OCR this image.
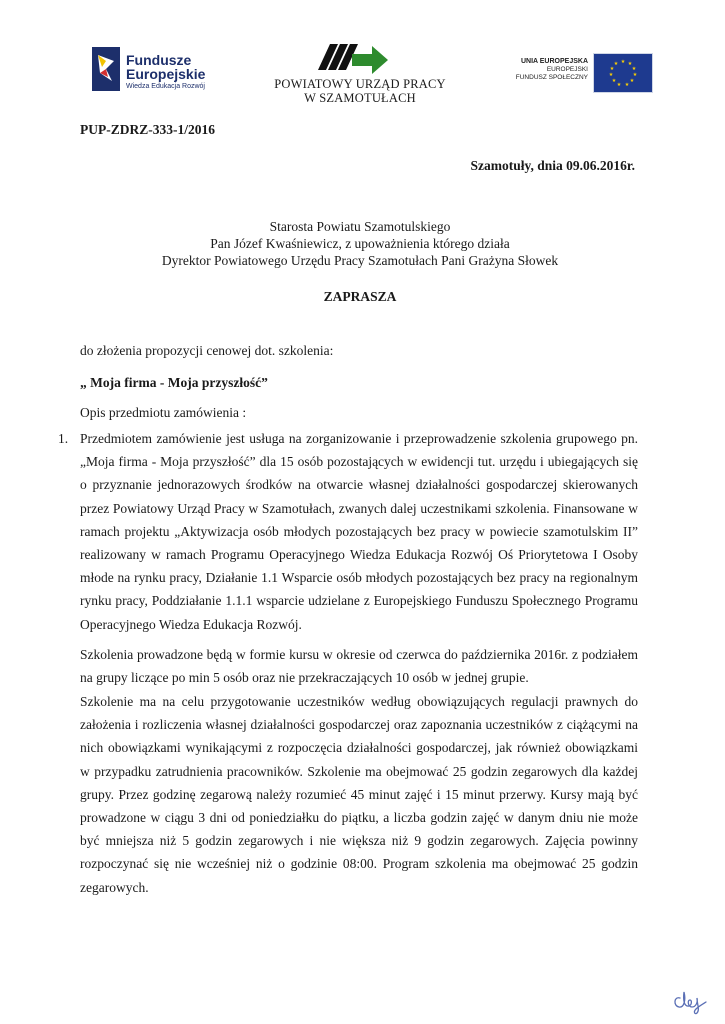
Fundusze
Europejskie
Wiedza Edukacja Rozwój	POWIATOWY URZĄD PRACY
W SZAMOTUŁACH
UNIA EUROPEJSKA
EUROPEJSKI
FUNDUSZ SPOŁECZNY
★ ★
★
★
★
★
★
★
★
★
★
PUP-ZDRZ-333-1/2016
Szamotuły, dnia 09.06.2016r.
Starosta Powiatu Szamotulskiego
Pan Józef Kwaśniewicz, z upoważnienia którego działa
Dyrektor Powiatowego Urzędu Pracy Szamotułach Pani Grażyna Słowek
ZAPRASZA
do złożenia propozycji cenowej dot. szkolenia:
„ Moja firma - Moja przyszłość”
Opis przedmiotu zamówienia :
1. Przedmiotem zamówienie jest usługa na zorganizowanie i przeprowadzenie szkolenia grupowego pn. „Moja firma - Moja przyszłość” dla 15 osób pozostających w ewidencji tut. urzędu i ubiegających się o przyznanie jednorazowych środków na otwarcie własnej działalności gospodarczej skierowanych przez Powiatowy Urząd Pracy w Szamotułach, zwanych dalej uczestnikami szkolenia. Finansowane w ramach projektu „Aktywizacja osób młodych pozostających bez pracy w powiecie szamotulskim II” realizowany w ramach Programu Operacyjnego Wiedza Edukacja Rozwój Oś Priorytetowa I Osoby młode na rynku pracy, Działanie 1.1 Wsparcie osób młodych pozostających bez pracy na regionalnym rynku pracy, Poddziałanie 1.1.1 wsparcie udzielane z Europejskiego Funduszu Społecznego Programu Operacyjnego Wiedza Edukacja Rozwój.
Szkolenia prowadzone będą w formie kursu w okresie od czerwca do października 2016r. z podziałem na grupy liczące po min 5 osób oraz nie przekraczających 10 osób w jednej grupie.
Szkolenie ma na celu przygotowanie uczestników według obowiązujących regulacji prawnych do założenia i rozliczenia własnej działalności gospodarczej oraz zapoznania uczestników z ciążącymi na nich obowiązkami wynikającymi z rozpoczęcia działalności gospodarczej, jak również obowiązkami w przypadku zatrudnienia pracowników. Szkolenie ma obejmować 25 godzin zegarowych dla każdej grupy. Przez godzinę zegarową należy rozumieć 45 minut zajęć i 15 minut przerwy. Kursy mają być prowadzone w ciągu 3 dni od poniedziałku do piątku, a liczba godzin zajęć w danym dniu nie może być mniejsza niż 5 godzin zegarowych i nie większa niż 9 godzin zegarowych. Zajęcia powinny rozpoczynać się nie wcześniej niż o godzinie 08:00. Program szkolenia ma obejmować 25 godzin zegarowych.
